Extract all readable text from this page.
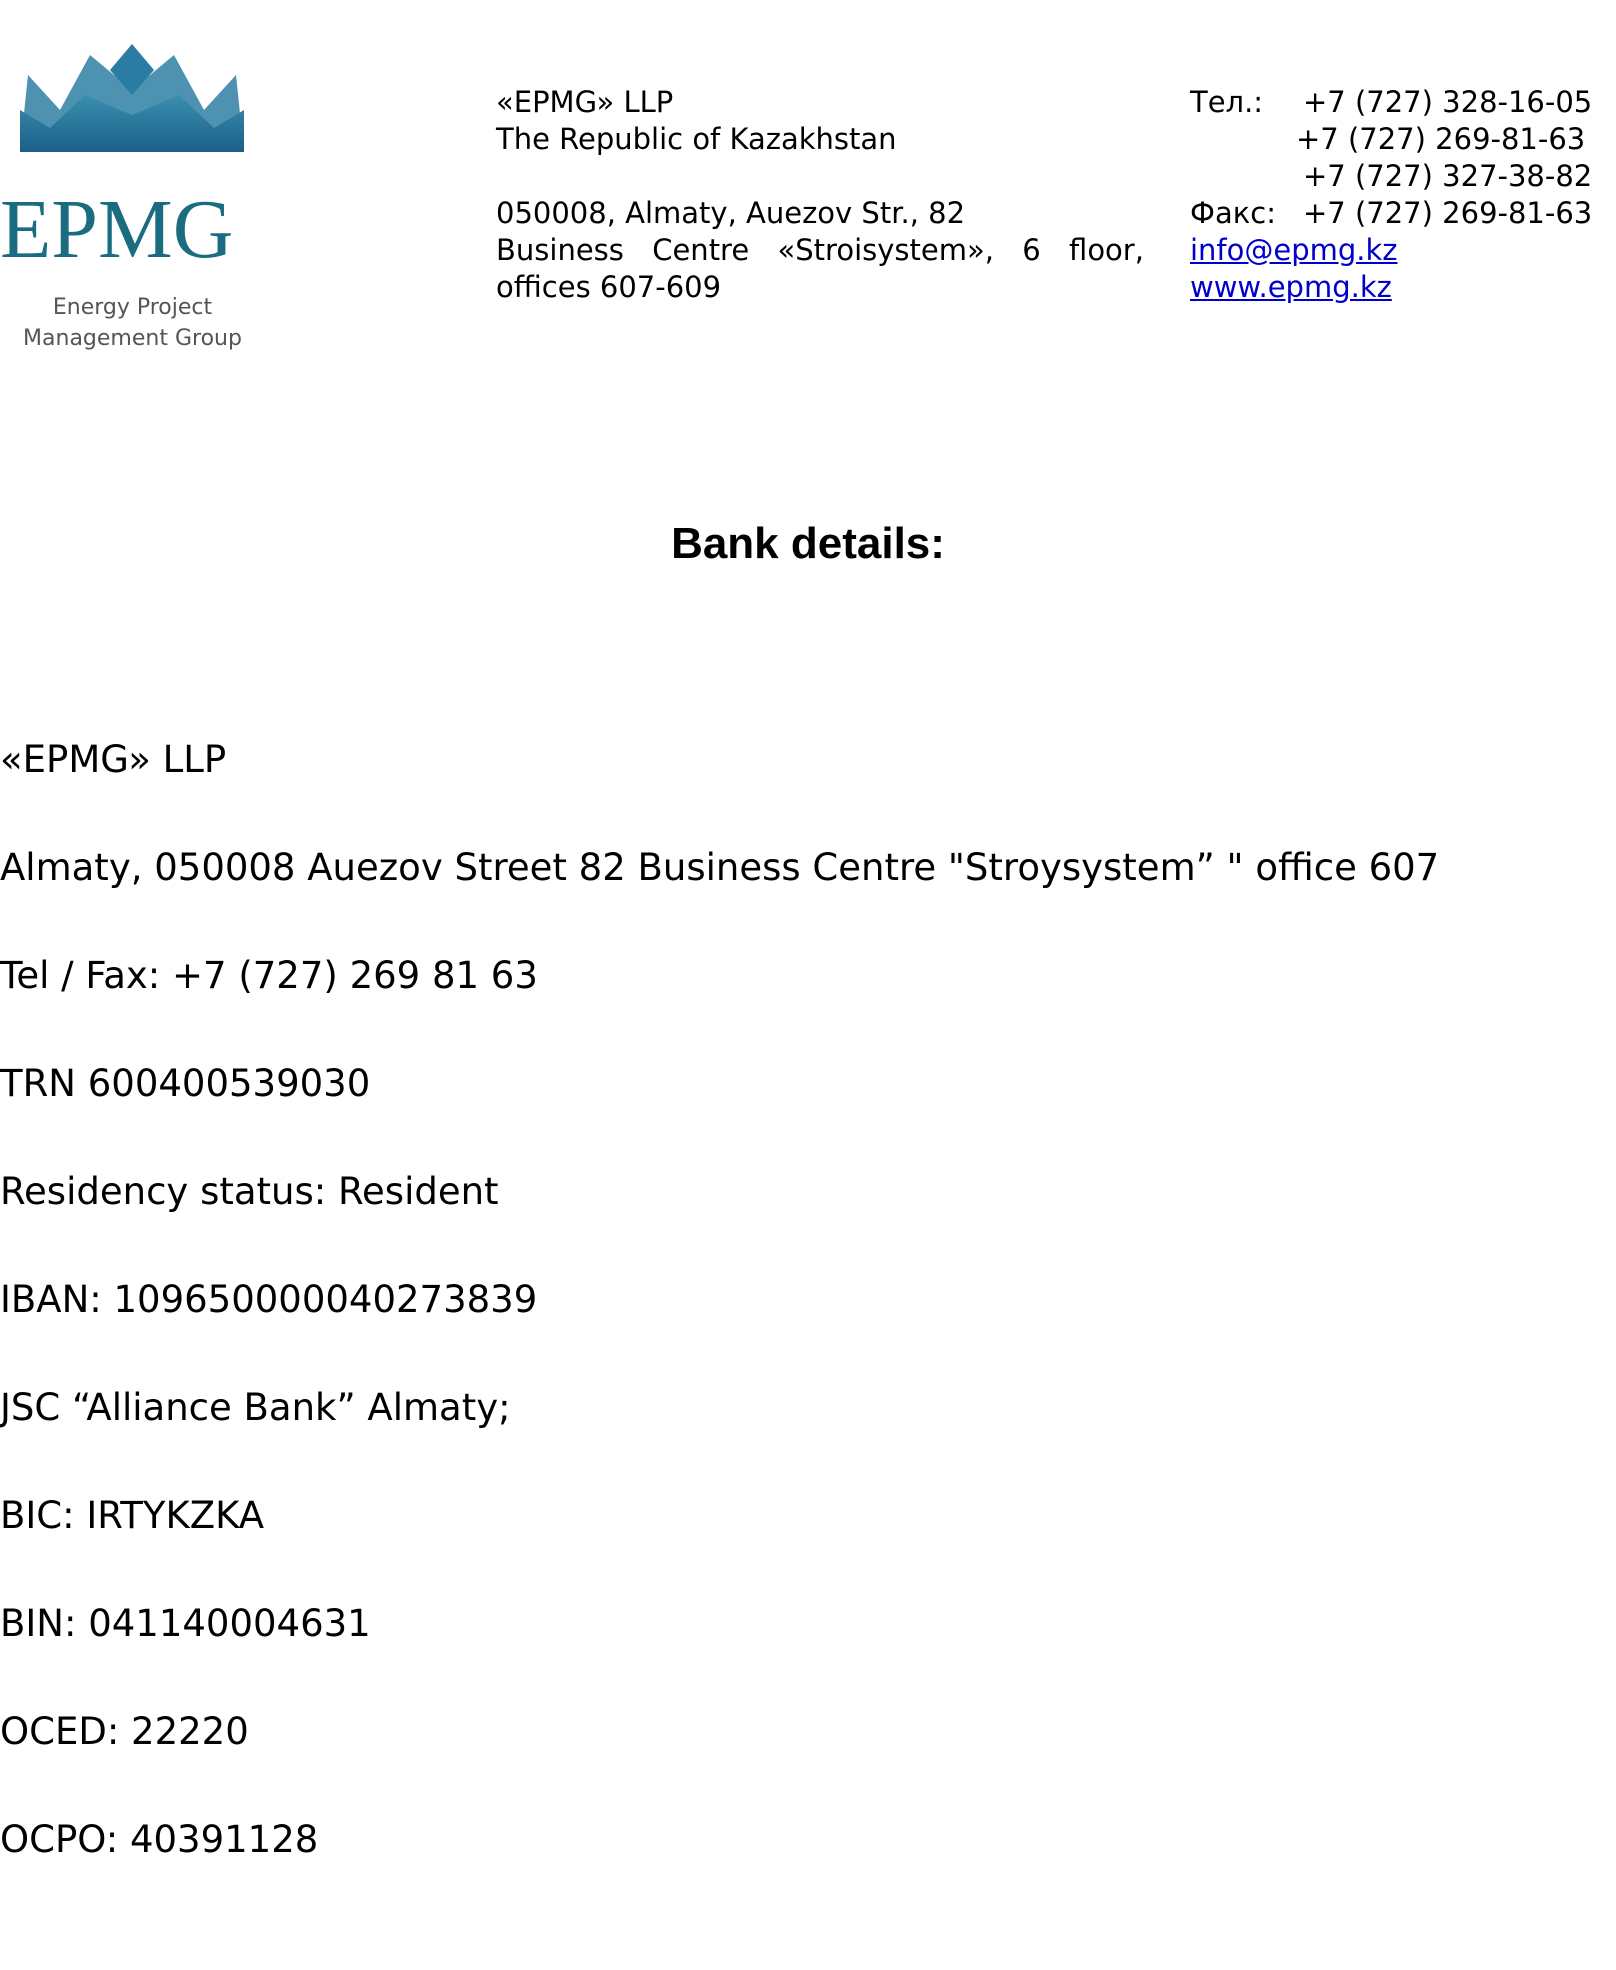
EPMG
Energy Project
Management Group
«EPMG» LLP
The Republic of Kazakhstan
050008, Almaty, Auezov Str., 82
Business Centre «Stroisystem», 6 floor,
offices 607-609
Тел.:	+7 (727) 328-16-05
+7 (727) 269-81-63
+7 (727) 327-38-82
Факс: +7 (727) 269-81-63
info@epmg.kz
www.epmg.kz
Bank details:
«EPMG» LLP
Almaty, 050008 Auezov Street 82 Business Centre "Stroysystem” " office 607
Tel / Fax: +7 (727) 269 81 63
TRN 600400539030
Residency status: Resident
IBAN: 109650000040273839
JSC “Alliance Bank” Almaty;
BIC: IRTYKZKA
BIN: 041140004631
OCED: 22220
OCPO: 40391128
